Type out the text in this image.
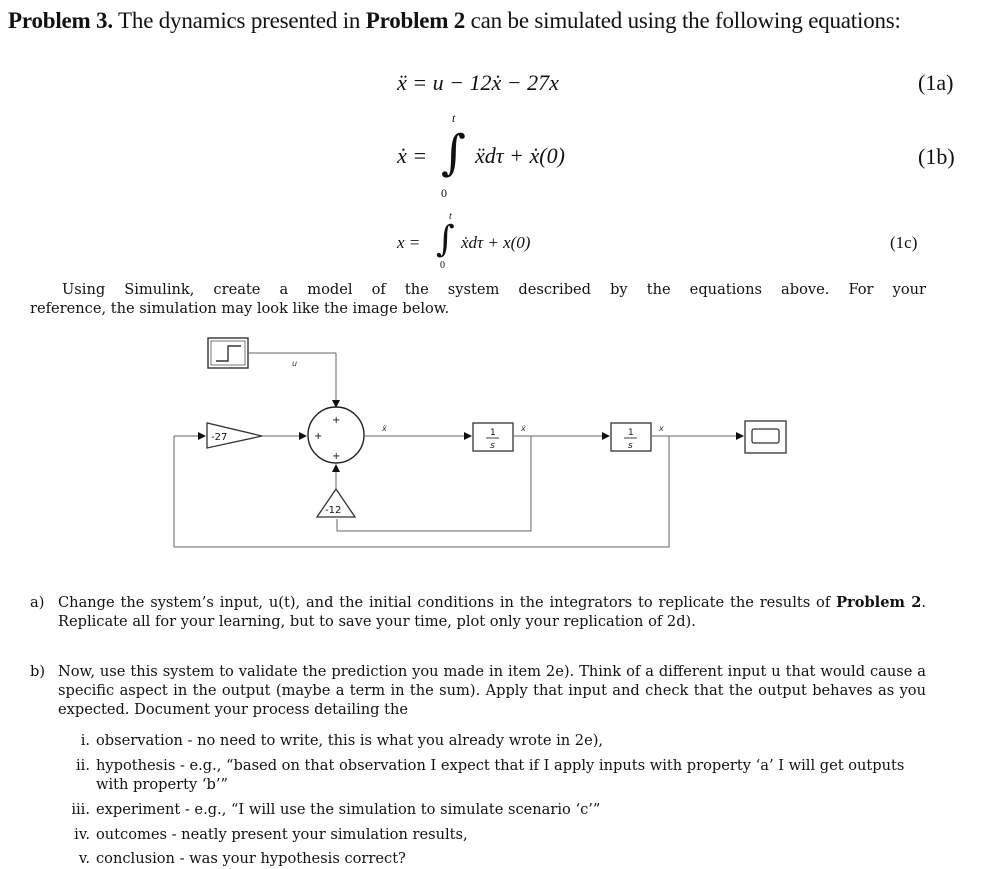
Problem 3. The dynamics presented in Problem 2 can be simulated using the following equations:
ẍ = u − 12ẋ − 27x	(1a)
ẋ = ∫
t
0
ẍdτ + ẋ(0)	(1b)
x = ∫
t
0
ẋdτ + x(0)	(1c)
Using Simulink, create a model of the system described by the equations above. For your
reference, the simulation may look like the image below.
u
+
+
+
-27
ẍ	1
s
ẋ	1
s
x
-12
a) Change the system’s input, u(t), and the initial conditions in the integrators to replicate the results of Problem 2. Replicate all for your learning, but to save your time, plot only your replication of 2d).
b) Now, use this system to validate the prediction you made in item 2e). Think of a different input u that would cause a specific aspect in the output (maybe a term in the sum). Apply that input and check that the output behaves as you expected. Document your process detailing the
i. observation - no need to write, this is what you already wrote in 2e),
ii. hypothesis - e.g., “based on that observation I expect that if I apply inputs with property ‘a’ I will get outputs with property ‘b’”
iii. experiment - e.g., “I will use the simulation to simulate scenario ‘c’”
iv. outcomes - neatly present your simulation results,
v. conclusion - was your hypothesis correct?
